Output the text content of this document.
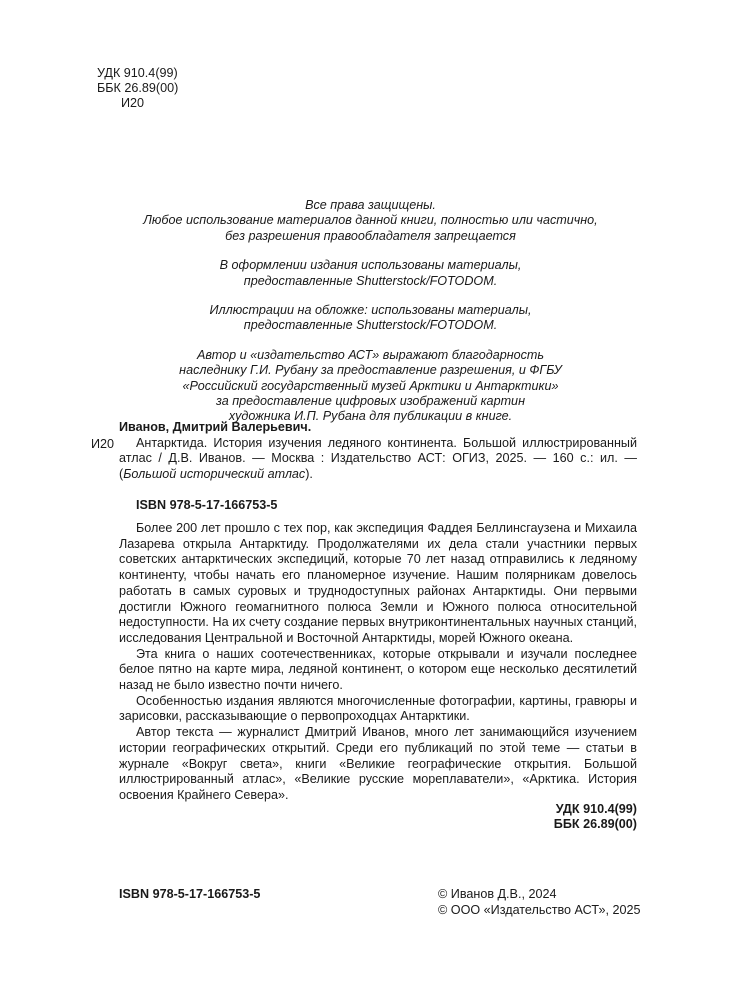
УДК 910.4(99)
ББК 26.89(00)
И20

Все права защищены.
Любое использование материалов данной книги, полностью или частично,
без разрешения правообладателя запрещается

В оформлении издания использованы материалы,
предоставленные Shutterstock/FOTODOM.

Иллюстрации на обложке: использованы материалы,
предоставленные Shutterstock/FOTODOM.

Автор и «издательство АСТ» выражают благодарность
наследнику Г.И. Рубану за предоставление разрешения, и ФГБУ
«Российский государственный музей Арктики и Антарктики»
за предоставление цифровых изображений картин
художника И.П. Рубана для публикации в книге.

И20
Иванов, Дмитрий Валерьевич.
Антарктида. История изучения ледяного континента. Большой иллюстрированный атлас / Д.В. Иванов. — Москва : Издательство АСТ: ОГИЗ, 2025. — 160 с.: ил. — (Большой исторический атлас).
ISBN 978-5-17-166753-5

Более 200 лет прошло с тех пор, как экспедиция Фаддея Беллинсгаузена и Михаила Лазарева открыла Антарктиду. Продолжателями их дела стали участники первых советских антарктических экспедиций, которые 70 лет назад отправились к ледяному континенту, чтобы начать его планомерное изучение. Нашим полярникам довелось работать в самых суровых и труднодоступных районах Антарктиды. Они первыми достигли Южного геомагнитного полюса Земли и Южного полюса относительной недоступности. На их счету создание первых внутриконтинентальных научных станций, исследования Центральной и Восточной Антарктиды, морей Южного океана.

Эта книга о наших соотечественниках, которые открывали и изучали последнее белое пятно на карте мира, ледяной континент, о котором еще несколько десятилетий назад не было известно почти ничего.

Особенностью издания являются многочисленные фотографии, картины, гравюры и зарисовки, рассказывающие о первопроходцах Антарктики.

Автор текста — журналист Дмитрий Иванов, много лет занимающийся изучением истории географических открытий. Среди его публикаций по этой теме — статьи в журнале «Вокруг света», книги «Великие географические открытия. Большой иллюстрированный атлас», «Великие русские мореплаватели», «Арктика. История освоения Крайнего Севера».

УДК 910.4(99)
ББК 26.89(00)
ISBN 978-5-17-166753-5	© Иванов Д.В., 2024
© ООО «Издательство АСТ», 2025
